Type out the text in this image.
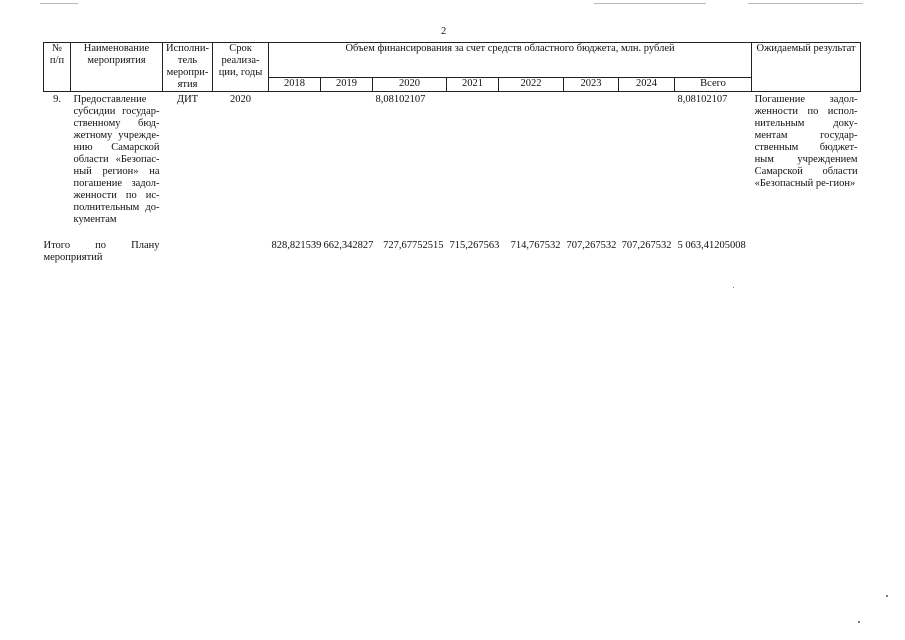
2
№ п/п	Наименование мероприятия	Исполни-тель меропри-ятия	Срок реализа-ции, годы	Объем финансирования за счет средств областного бюджета, млн. рублей								Ожидаемый результат
				2018	2019	2020	2021	2022	2023	2024	Всего	
9.	Предоставление субсидии государ-ственному бюд-жетному учрежде-нию Самарской области «Безопас-ный регион» на погашение задол-женности по ис-полнительным до-кументам	ДИТ	2020			8,08102107					8,08102107	Погашение задол-женности по испол-нительным доку-ментам государ-ственным бюджет-ным учреждением Самарской области «Безопасный ре-гион»

Итого по Плану
мероприятий				828,821539	662,342827	727,67752515	715,267563	714,767532	707,267532	707,267532	5 063,41205008	
